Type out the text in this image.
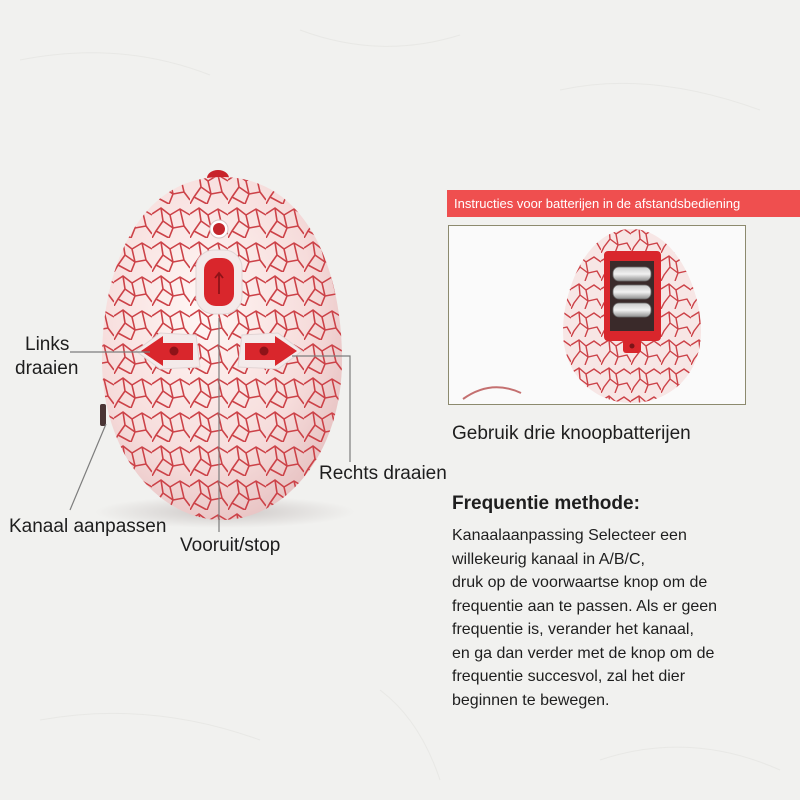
Links
draaien
Rechts draaien
Kanaal aanpassen
Vooruit/stop
Instructies voor batterijen in de afstandsbediening
Gebruik drie knoopbatterijen
Frequentie methode:
Kanaalaanpassing Selecteer een
willekeurig kanaal in A/B/C,
druk op de voorwaartse knop om de
frequentie aan te passen. Als er geen
frequentie is, verander het kanaal,
en ga dan verder met de knop om de
frequentie succesvol, zal het dier
beginnen te bewegen.
